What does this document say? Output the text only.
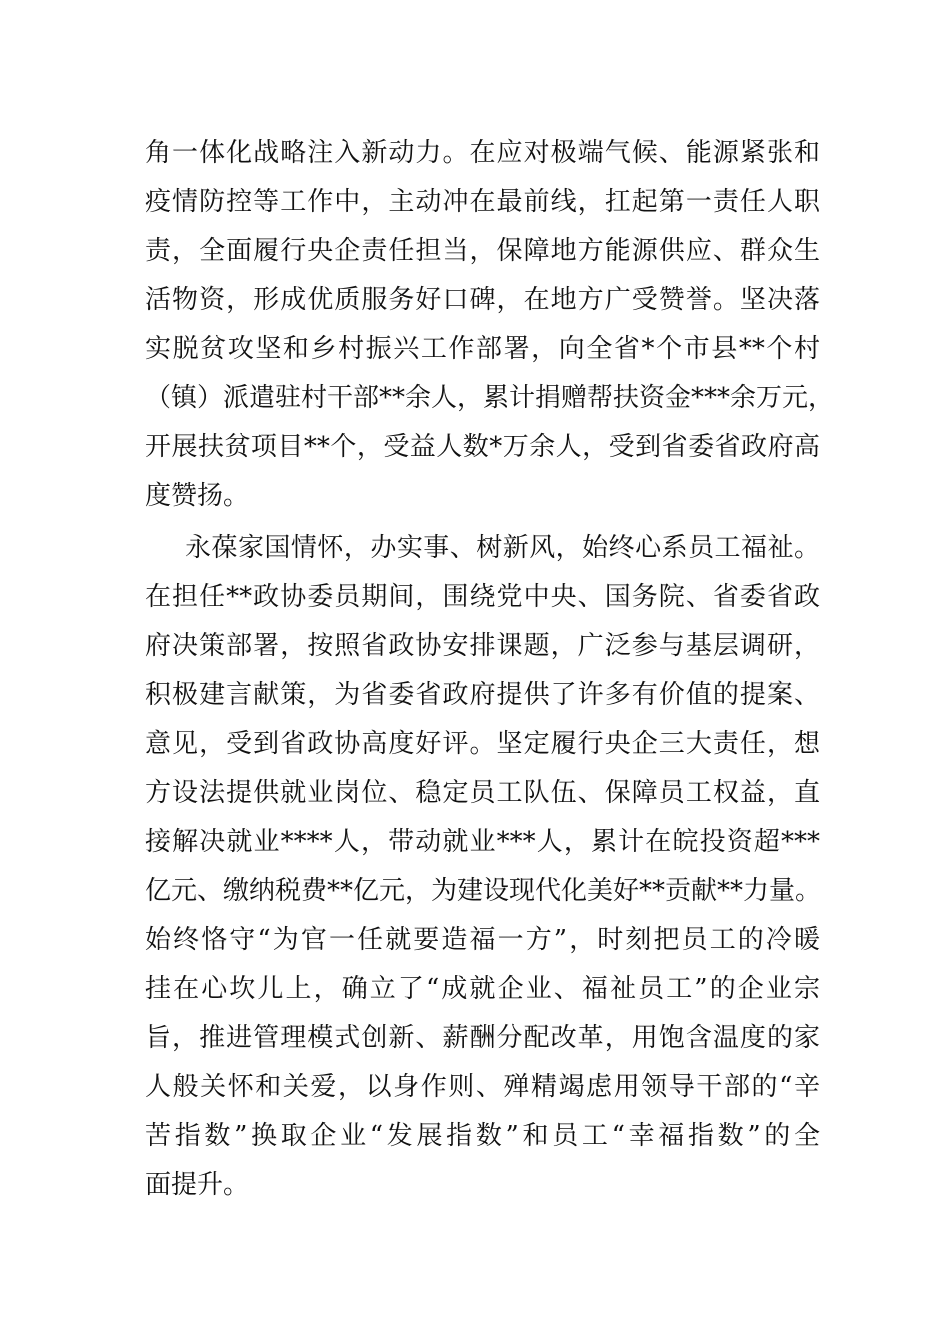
角一体化战略注入新动力。在应对极端气候、能源紧张和
疫情防控等工作中，主动冲在最前线，扛起第一责任人职
责，全面履行央企责任担当，保障地方能源供应、群众生
活物资，形成优质服务好口碑，在地方广受赞誉。坚决落
实脱贫攻坚和乡村振兴工作部署，向全省*个市县**个村
（镇）派遣驻村干部**余人，累计捐赠帮扶资金***余万元，
开展扶贫项目**个，受益人数*万余人，受到省委省政府高
度赞扬。
永葆家国情怀，办实事、树新风，始终心系员工福祉。
在担任**政协委员期间，围绕党中央、国务院、省委省政
府决策部署，按照省政协安排课题，广泛参与基层调研，
积极建言献策，为省委省政府提供了许多有价值的提案、
意见，受到省政协高度好评。坚定履行央企三大责任，想
方设法提供就业岗位、稳定员工队伍、保障员工权益，直
接解决就业****人，带动就业***人，累计在皖投资超***
亿元、缴纳税费**亿元，为建设现代化美好**贡献**力量。
始终恪守“为官一任就要造福一方”，时刻把员工的冷暖
挂在心坎儿上，确立了“成就企业、福祉员工”的企业宗
旨，推进管理模式创新、薪酬分配改革，用饱含温度的家
人般关怀和关爱，以身作则、殚精竭虑用领导干部的“辛
苦指数”换取企业“发展指数”和员工“幸福指数”的全
面提升。
